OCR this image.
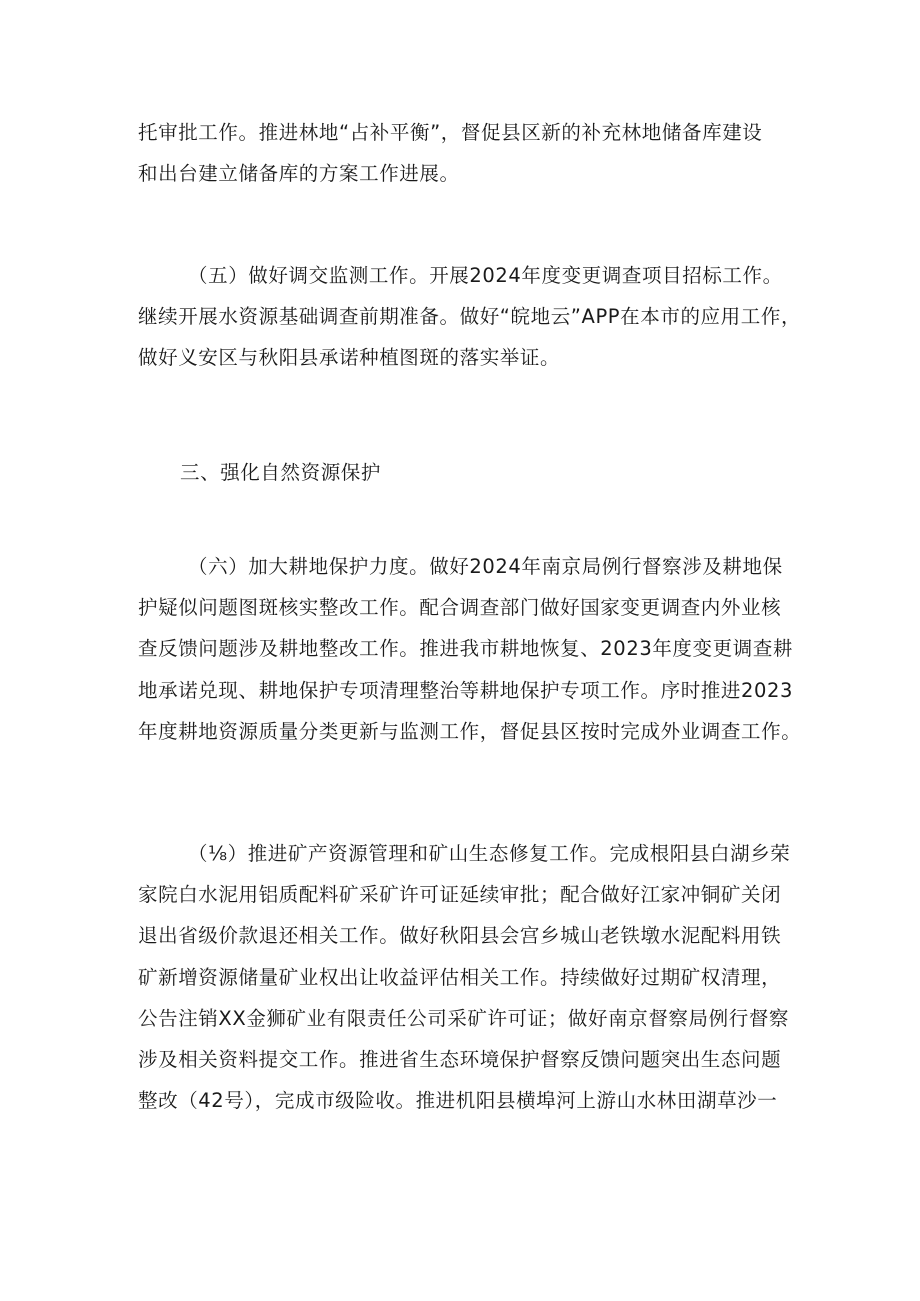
托审批工作。推进林地“占补平衡”，督促县区新的补充林地储备库建设
和出台建立储备库的方案工作进展。
（五）做好调交监测工作。开展2024年度变更调查项目招标工作。
继续开展水资源基础调查前期准备。做好“皖地云”APP在本市的应用工作，
做好义安区与秋阳县承诺种植图斑的落实举证。
三、强化自然资源保护
（六）加大耕地保护力度。做好2024年南京局例行督察涉及耕地保
护疑似问题图斑核实整改工作。配合调查部门做好国家变更调查内外业核
查反馈问题涉及耕地整改工作。推进我市耕地恢复、2023年度变更调查耕
地承诺兑现、耕地保护专项清理整治等耕地保护专项工作。序时推进2023
年度耕地资源质量分类更新与监测工作，督促县区按时完成外业调查工作。
（⅛）推进矿产资源管理和矿山生态修复工作。完成根阳县白湖乡荣
家院白水泥用铝质配料矿采矿许可证延续审批；配合做好江家冲铜矿关闭
退出省级价款退还相关工作。做好秋阳县会宫乡城山老铁墩水泥配料用铁
矿新增资源储量矿业权出让收益评估相关工作。持续做好过期矿权清理，
公告注销XX金狮矿业有限责任公司采矿许可证；做好南京督察局例行督察
涉及相关资料提交工作。推进省生态环境保护督察反馈问题突出生态问题
整改（42号），完成市级险收。推进机阳县横埠河上游山水林田湖草沙一
